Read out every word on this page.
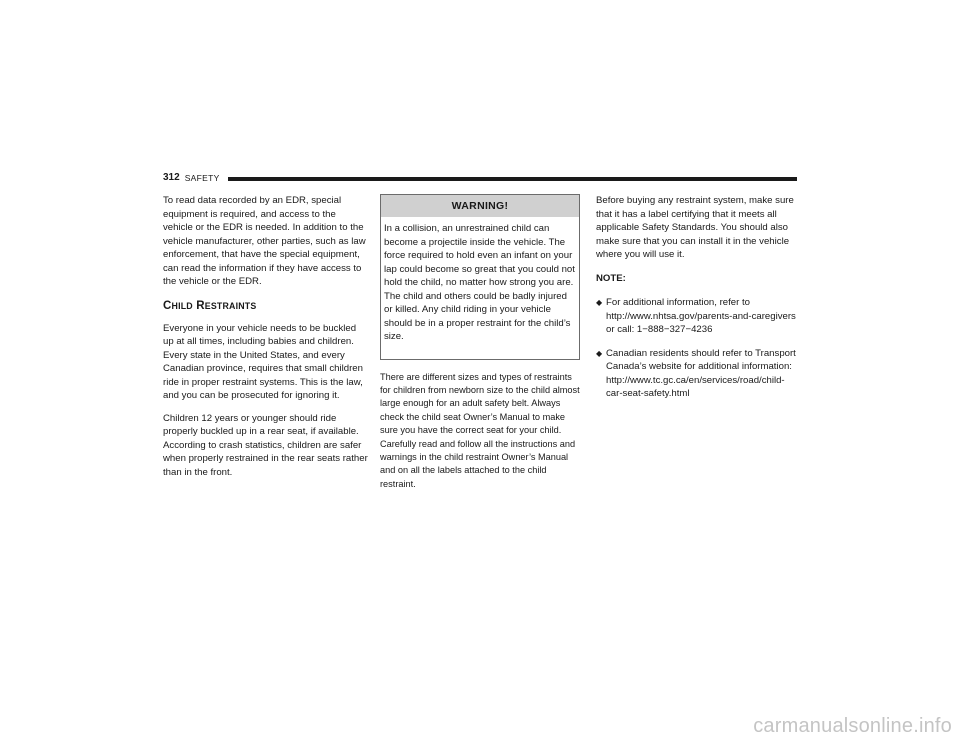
312 SAFETY

To read data recorded by an EDR, special equipment is required, and access to the vehicle or the EDR is needed. In addition to the vehicle manufacturer, other parties, such as law enforcement, that have the special equipment, can read the information if they have access to the vehicle or the EDR.

CHILD RESTRAINTS

Everyone in your vehicle needs to be buckled up at all times, including babies and children. Every state in the United States, and every Canadian province, requires that small children ride in proper restraint systems. This is the law, and you can be prosecuted for ignoring it.

Children 12 years or younger should ride properly buckled up in a rear seat, if available. According to crash statistics, children are safer when properly restrained in the rear seats rather than in the front.

WARNING!

In a collision, an unrestrained child can become a projectile inside the vehicle. The force required to hold even an infant on your lap could become so great that you could not hold the child, no matter how strong you are. The child and others could be badly injured or killed. Any child riding in your vehicle should be in a proper restraint for the child’s size.

There are different sizes and types of restraints for children from newborn size to the child almost large enough for an adult safety belt. Always check the child seat Owner’s Manual to make sure you have the correct seat for your child. Carefully read and follow all the instructions and warnings in the child restraint Owner’s Manual and on all the labels attached to the child restraint.

Before buying any restraint system, make sure that it has a label certifying that it meets all applicable Safety Standards. You should also make sure that you can install it in the vehicle where you will use it.

NOTE:
◆ For additional information, refer to http://www.nhtsa.gov/parents-and-caregivers or call: 1−888−327−4236
◆ Canadian residents should refer to Transport Canada’s website for additional information: http://www.tc.gc.ca/en/services/road/child-car-seat-safety.html
carmanualsonline.info
